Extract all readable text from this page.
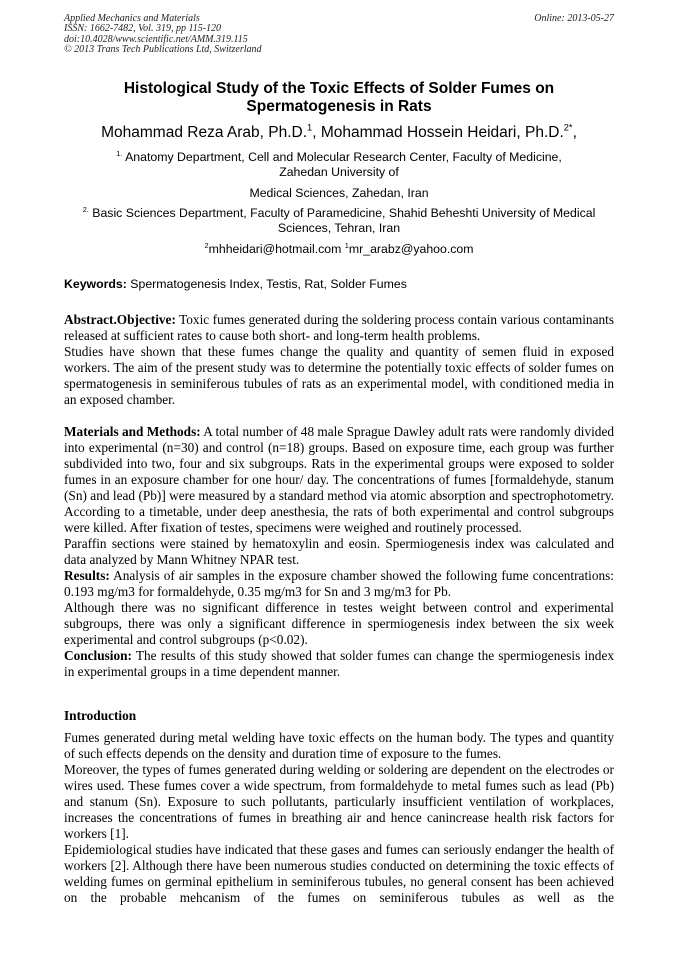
Applied Mechanics and Materials
ISSN: 1662-7482, Vol. 319, pp 115-120
doi:10.4028/www.scientific.net/AMM.319.115
© 2013 Trans Tech Publications Ltd, Switzerland
Online: 2013-05-27
Histological Study of the Toxic Effects of Solder Fumes on
Spermatogenesis in Rats
Mohammad Reza Arab, Ph.D.$^1$, Mohammad Hossein Heidari, Ph.D.$^{2*}$,
$^{1.}$ Anatomy Department, Cell and Molecular Research Center, Faculty of Medicine, Zahedan University of
Medical Sciences, Zahedan, Iran
$^{2.}$ Basic Sciences Department, Faculty of Paramedicine, Shahid Beheshti University of Medical Sciences, Tehran, Iran
$^2$mhheidari@hotmail.com $^1$mr_arabz@yahoo.com
Keywords: Spermatogenesis Index, Testis, Rat, Solder Fumes

Abstract.Objective: Toxic fumes generated during the soldering process contain various contaminants released at sufficient rates to cause both short- and long-term health problems.

Studies have shown that these fumes change the quality and quantity of semen fluid in exposed workers. The aim of the present study was to determine the potentially toxic effects of solder fumes on spermatogenesis in seminiferous tubules of rats as an experimental model, with conditioned media in an exposed chamber.

Materials and Methods: A total number of 48 male Sprague Dawley adult rats were randomly divided into experimental (n=30) and control (n=18) groups. Based on exposure time, each group was further subdivided into two, four and six subgroups. Rats in the experimental groups were exposed to solder fumes in an exposure chamber for one hour/ day. The concentrations of fumes [formaldehyde, stanum (Sn) and lead (Pb)] were measured by a standard method via atomic absorption and spectrophotometry. According to a timetable, under deep anesthesia, the rats of both experimental and control subgroups were killed. After fixation of testes, specimens were weighed and routinely processed.

Paraffin sections were stained by hematoxylin and eosin. Spermiogenesis index was calculated and data analyzed by Mann Whitney NPAR test.

Results: Analysis of air samples in the exposure chamber showed the following fume concentrations: 0.193 mg/m3 for formaldehyde, 0.35 mg/m3 for Sn and 3 mg/m3 for Pb.

Although there was no significant difference in testes weight between control and experimental subgroups, there was only a significant difference in spermiogenesis index between the six week experimental and control subgroups (p<0.02).

Conclusion: The results of this study showed that solder fumes can change the spermiogenesis index in experimental groups in a time dependent manner.

Introduction

Fumes generated during metal welding have toxic effects on the human body. The types and quantity of such effects depends on the density and duration time of exposure to the fumes.

Moreover, the types of fumes generated during welding or soldering are dependent on the electrodes or wires used. These fumes cover a wide spectrum, from formaldehyde to metal fumes such as lead (Pb) and stanum (Sn). Exposure to such pollutants, particularly insufficient ventilation of workplaces, increases the concentrations of fumes in breathing air and hence canincrease health risk factors for workers [1].

Epidemiological studies have indicated that these gases and fumes can seriously endanger the health of workers [2]. Although there have been numerous studies conducted on determining the toxic effects of welding fumes on germinal epithelium in seminiferous tubules, no general consent has been achieved on the probable mehcanism of the fumes on seminiferous tubules as well as the
